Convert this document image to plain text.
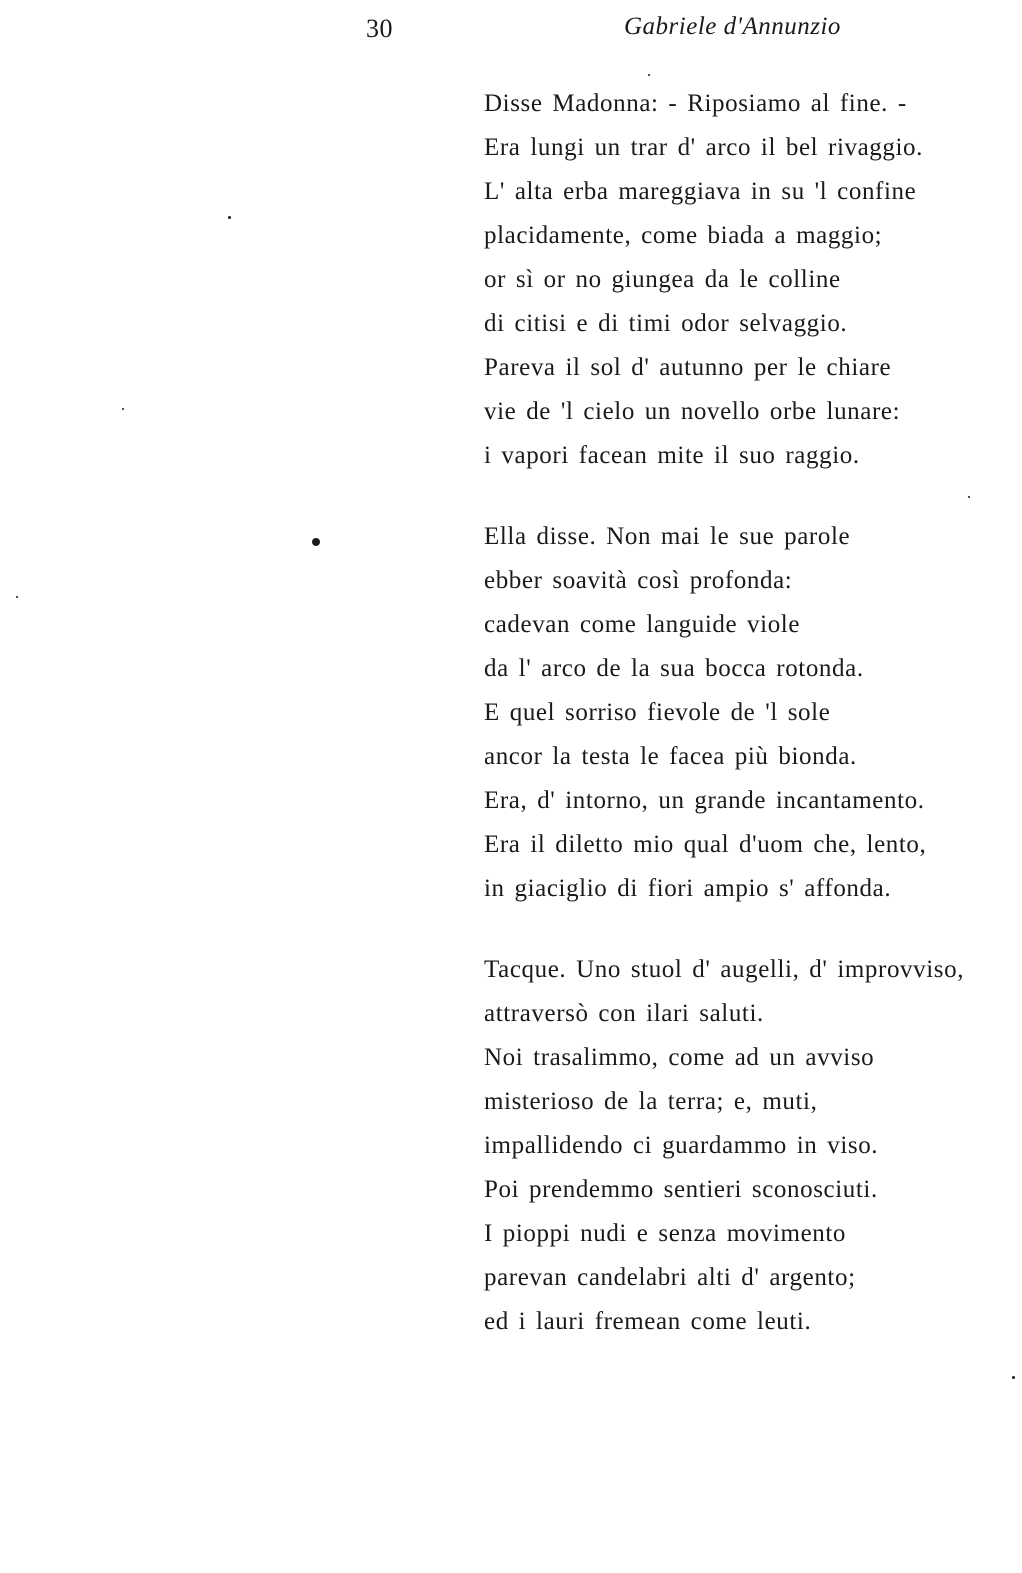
30	Gabriele d'Annunzio
Disse Madonna: - Riposiamo al fine. -
Era lungi un trar d' arco il bel rivaggio.
L' alta erba mareggiava in su 'l confine
placidamente, come biada a maggio;
or sì or no giungea da le colline
di citisi e di timi odor selvaggio.
Pareva il sol d' autunno per le chiare
vie de 'l cielo un novello orbe lunare:
i vapori facean mite il suo raggio.
Ella disse. Non mai le sue parole
ebber soavità così profonda:
cadevan come languide viole
da l' arco de la sua bocca rotonda.
E quel sorriso fievole de 'l sole
ancor la testa le facea più bionda.
Era, d' intorno, un grande incantamento.
Era il diletto mio qual d'uom che, lento,
in giaciglio di fiori ampio s' affonda.
Tacque. Uno stuol d' augelli, d' improvviso,
attraversò con ilari saluti.
Noi trasalimmo, come ad un avviso
misterioso de la terra; e, muti,
impallidendo ci guardammo in viso.
Poi prendemmo sentieri sconosciuti.
I pioppi nudi e senza movimento
parevan candelabri alti d' argento;
ed i lauri fremean come leuti.
